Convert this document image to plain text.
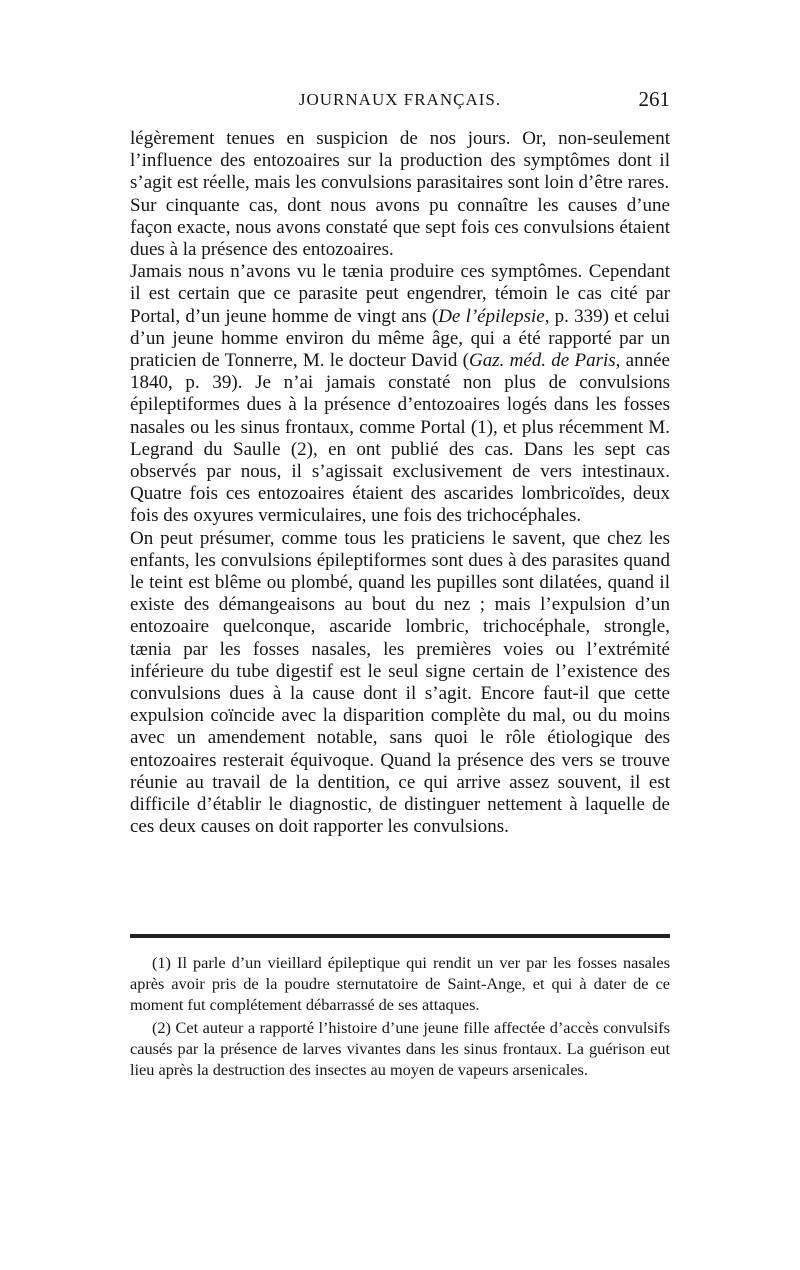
JOURNAUX FRANÇAIS.	261

légèrement tenues en suspicion de nos jours. Or, non-seulement l’influence des entozoaires sur la production des symptômes dont il s’agit est réelle, mais les convulsions parasitaires sont loin d’être rares.

Sur cinquante cas, dont nous avons pu connaître les causes d’une façon exacte, nous avons constaté que sept fois ces convulsions étaient dues à la présence des entozoaires.

Jamais nous n’avons vu le tænia produire ces symptômes. Cependant il est certain que ce parasite peut engendrer, témoin le cas cité par Portal, d’un jeune homme de vingt ans (De l’épilepsie, p. 339) et celui d’un jeune homme environ du même âge, qui a été rapporté par un praticien de Tonnerre, M. le docteur David (Gaz. méd. de Paris, année 1840, p. 39). Je n’ai jamais constaté non plus de convulsions épileptiformes dues à la présence d’entozoaires logés dans les fosses nasales ou les sinus frontaux, comme Portal (1), et plus récemment M. Legrand du Saulle (2), en ont publié des cas. Dans les sept cas observés par nous, il s’agissait exclusivement de vers intestinaux. Quatre fois ces entozoaires étaient des ascarides lombricoïdes, deux fois des oxyures vermiculaires, une fois des trichocéphales.

On peut présumer, comme tous les praticiens le savent, que chez les enfants, les convulsions épileptiformes sont dues à des parasites quand le teint est blême ou plombé, quand les pupilles sont dilatées, quand il existe des démangeaisons au bout du nez ; mais l’expulsion d’un entozoaire quelconque, ascaride lombric, trichocéphale, strongle, tænia par les fosses nasales, les premières voies ou l’extrémité inférieure du tube digestif est le seul signe certain de l’existence des convulsions dues à la cause dont il s’agit. Encore faut-il que cette expulsion coïncide avec la disparition complète du mal, ou du moins avec un amendement notable, sans quoi le rôle étiologique des entozoaires resterait équivoque. Quand la présence des vers se trouve réunie au travail de la dentition, ce qui arrive assez souvent, il est difficile d’établir le diagnostic, de distinguer nettement à laquelle de ces deux causes on doit rapporter les convulsions.

(1) Il parle d’un vieillard épileptique qui rendit un ver par les fosses nasales après avoir pris de la poudre sternutatoire de Saint-Ange, et qui à dater de ce moment fut complétement débarrassé de ses attaques.

(2) Cet auteur a rapporté l’histoire d’une jeune fille affectée d’accès convulsifs causés par la présence de larves vivantes dans les sinus frontaux. La guérison eut lieu après la destruction des insectes au moyen de vapeurs arsenicales.
